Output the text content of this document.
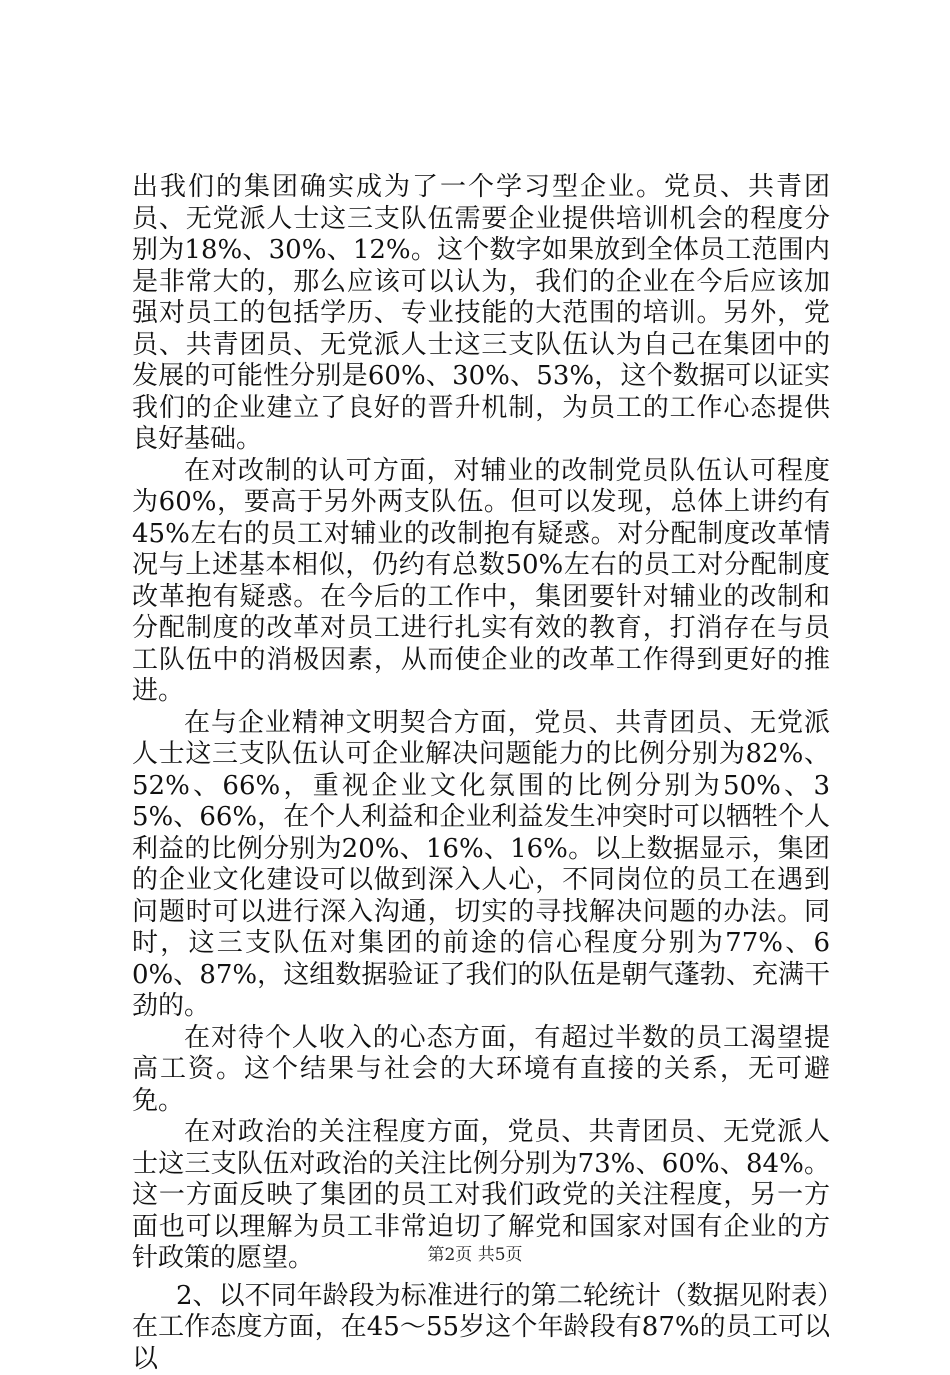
出我们的集团确实成为了一个学习型企业。党员、共青团员、无党派人士这三支队伍需要企业提供培训机会的程度分别为18%、30%、12%。这个数字如果放到全体员工范围内是非常大的，那么应该可以认为，我们的企业在今后应该加强对员工的包括学历、专业技能的大范围的培训。另外，党员、共青团员、无党派人士这三支队伍认为自己在集团中的发展的可能性分别是60%、30%、53%，这个数据可以证实我们的企业建立了良好的晋升机制，为员工的工作心态提供良好基础。

在对改制的认可方面，对辅业的改制党员队伍认可程度为60%，要高于另外两支队伍。但可以发现，总体上讲约有45%左右的员工对辅业的改制抱有疑惑。对分配制度改革情况与上述基本相似，仍约有总数50%左右的员工对分配制度改革抱有疑惑。在今后的工作中，集团要针对辅业的改制和分配制度的改革对员工进行扎实有效的教育，打消存在与员工队伍中的消极因素，从而使企业的改革工作得到更好的推进。

在与企业精神文明契合方面，党员、共青团员、无党派人士这三支队伍认可企业解决问题能力的比例分别为82%、52%、66%，重视企业文化氛围的比例分别为50%、35%、66%，在个人利益和企业利益发生冲突时可以牺牲个人利益的比例分别为20%、16%、16%。以上数据显示，集团的企业文化建设可以做到深入人心，不同岗位的员工在遇到问题时可以进行深入沟通，切实的寻找解决问题的办法。同时，这三支队伍对集团的前途的信心程度分别为77%、60%、87%，这组数据验证了我们的队伍是朝气蓬勃、充满干劲的。

在对待个人收入的心态方面，有超过半数的员工渴望提高工资。这个结果与社会的大环境有直接的关系，无可避免。

在对政治的关注程度方面，党员、共青团员、无党派人士这三支队伍对政治的关注比例分别为73%、60%、84%。这一方面反映了集团的员工对我们政党的关注程度，另一方面也可以理解为员工非常迫切了解党和国家对国有企业的方针政策的愿望。

2、以不同年龄段为标准进行的第二轮统计（数据见附表）在工作态度方面，在45～55岁这个年龄段有87%的员工可以以

第2页 共5页
